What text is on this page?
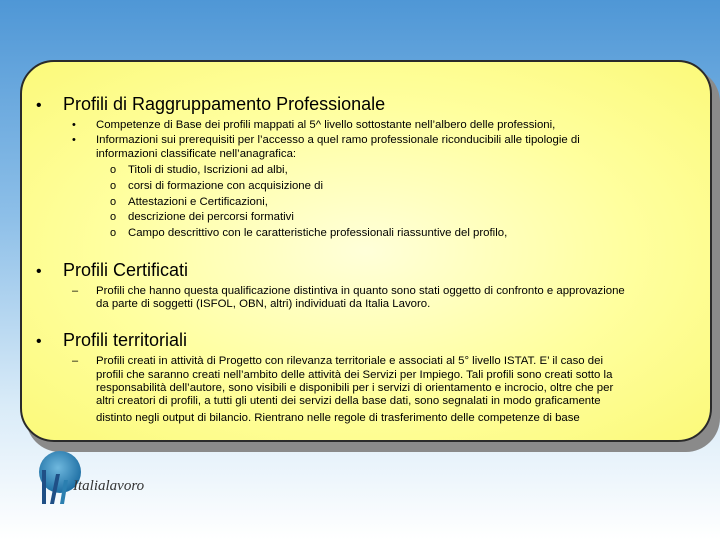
•	Profili di Raggruppamento Professionale
• Competenze di Base dei profili mappati al 5^ livello sottostante nell’albero delle professioni,
• Informazioni sui prerequisiti per l’accesso a quel ramo professionale riconducibili alle tipologie di
informazioni classificate nell’anagrafica:
o Titoli di studio, Iscrizioni ad albi,
o corsi di formazione con acquisizione di
o Attestazioni e Certificazioni,
o descrizione dei percorsi formativi
o Campo descrittivo con le caratteristiche professionali riassuntive del profilo,
•	Profili Certificati
– Profili che hanno questa qualificazione distintiva in quanto sono stati oggetto di confronto e approvazione
da parte di soggetti (ISFOL, OBN, altri) individuati da Italia Lavoro.
•	Profili territoriali
– Profili creati in attività di Progetto con rilevanza territoriale e associati al 5° livello ISTAT. E’ il caso dei
profili che saranno creati nell’ambito delle attività dei Servizi per Impiego. Tali profili sono creati sotto la
responsabilità dell’autore, sono visibili e disponibili per i servizi di orientamento e incrocio, oltre che per
altri creatori di profili, a tutti gli utenti dei servizi della base dati, sono segnalati in modo graficamente
distinto negli output di bilancio. Rientrano nelle regole di trasferimento delle competenze di base
Italialavoro
